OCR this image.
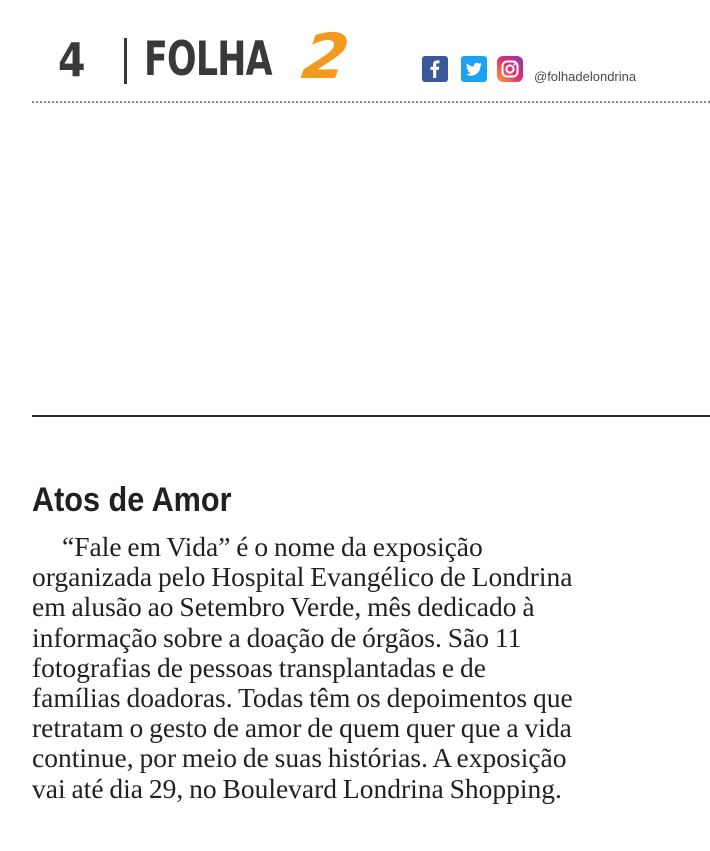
4 FOLHA 2	@folhadelondrina
Atos de Amor

“Fale em Vida” é o nome da exposição
organizada pelo Hospital Evangélico de Londrina
em alusão ao Setembro Verde, mês dedicado à
informação sobre a doação de órgãos. São 11
fotografias de pessoas transplantadas e de
famílias doadoras. Todas têm os depoimentos que
retratam o gesto de amor de quem quer que a vida
continue, por meio de suas histórias. A exposição
vai até dia 29, no Boulevard Londrina Shopping.
